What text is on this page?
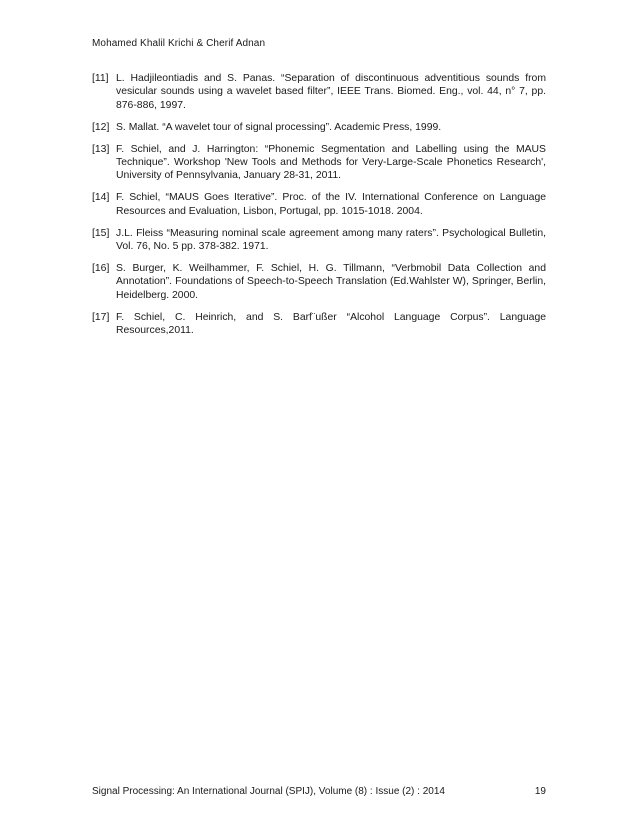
Mohamed Khalil Krichi & Cherif Adnan
[11] L. Hadjileontiadis and S. Panas. “Separation of discontinuous adventitious sounds from vesicular sounds using a wavelet based filter”, IEEE Trans. Biomed. Eng., vol. 44, n° 7, pp. 876-886, 1997.
[12] S. Mallat. “A wavelet tour of signal processing”. Academic Press, 1999.
[13] F. Schiel, and J. Harrington: “Phonemic Segmentation and Labelling using the MAUS Technique”. Workshop 'New Tools and Methods for Very-Large-Scale Phonetics Research', University of Pennsylvania, January 28-31, 2011.
[14] F. Schiel, “MAUS Goes Iterative”. Proc. of the IV. International Conference on Language Resources and Evaluation, Lisbon, Portugal, pp. 1015-1018. 2004.
[15] J.L. Fleiss “Measuring nominal scale agreement among many raters”. Psychological Bulletin, Vol. 76, No. 5 pp. 378-382. 1971.
[16] S. Burger, K. Weilhammer, F. Schiel, H. G. Tillmann, “Verbmobil Data Collection and Annotation”. Foundations of Speech-to-Speech Translation (Ed.Wahlster W), Springer, Berlin, Heidelberg. 2000.
[17] F. Schiel, C. Heinrich, and S. Barf¨ußer “Alcohol Language Corpus”. Language Resources,2011.
Signal Processing: An International Journal (SPIJ), Volume (8) : Issue (2) : 2014	19
